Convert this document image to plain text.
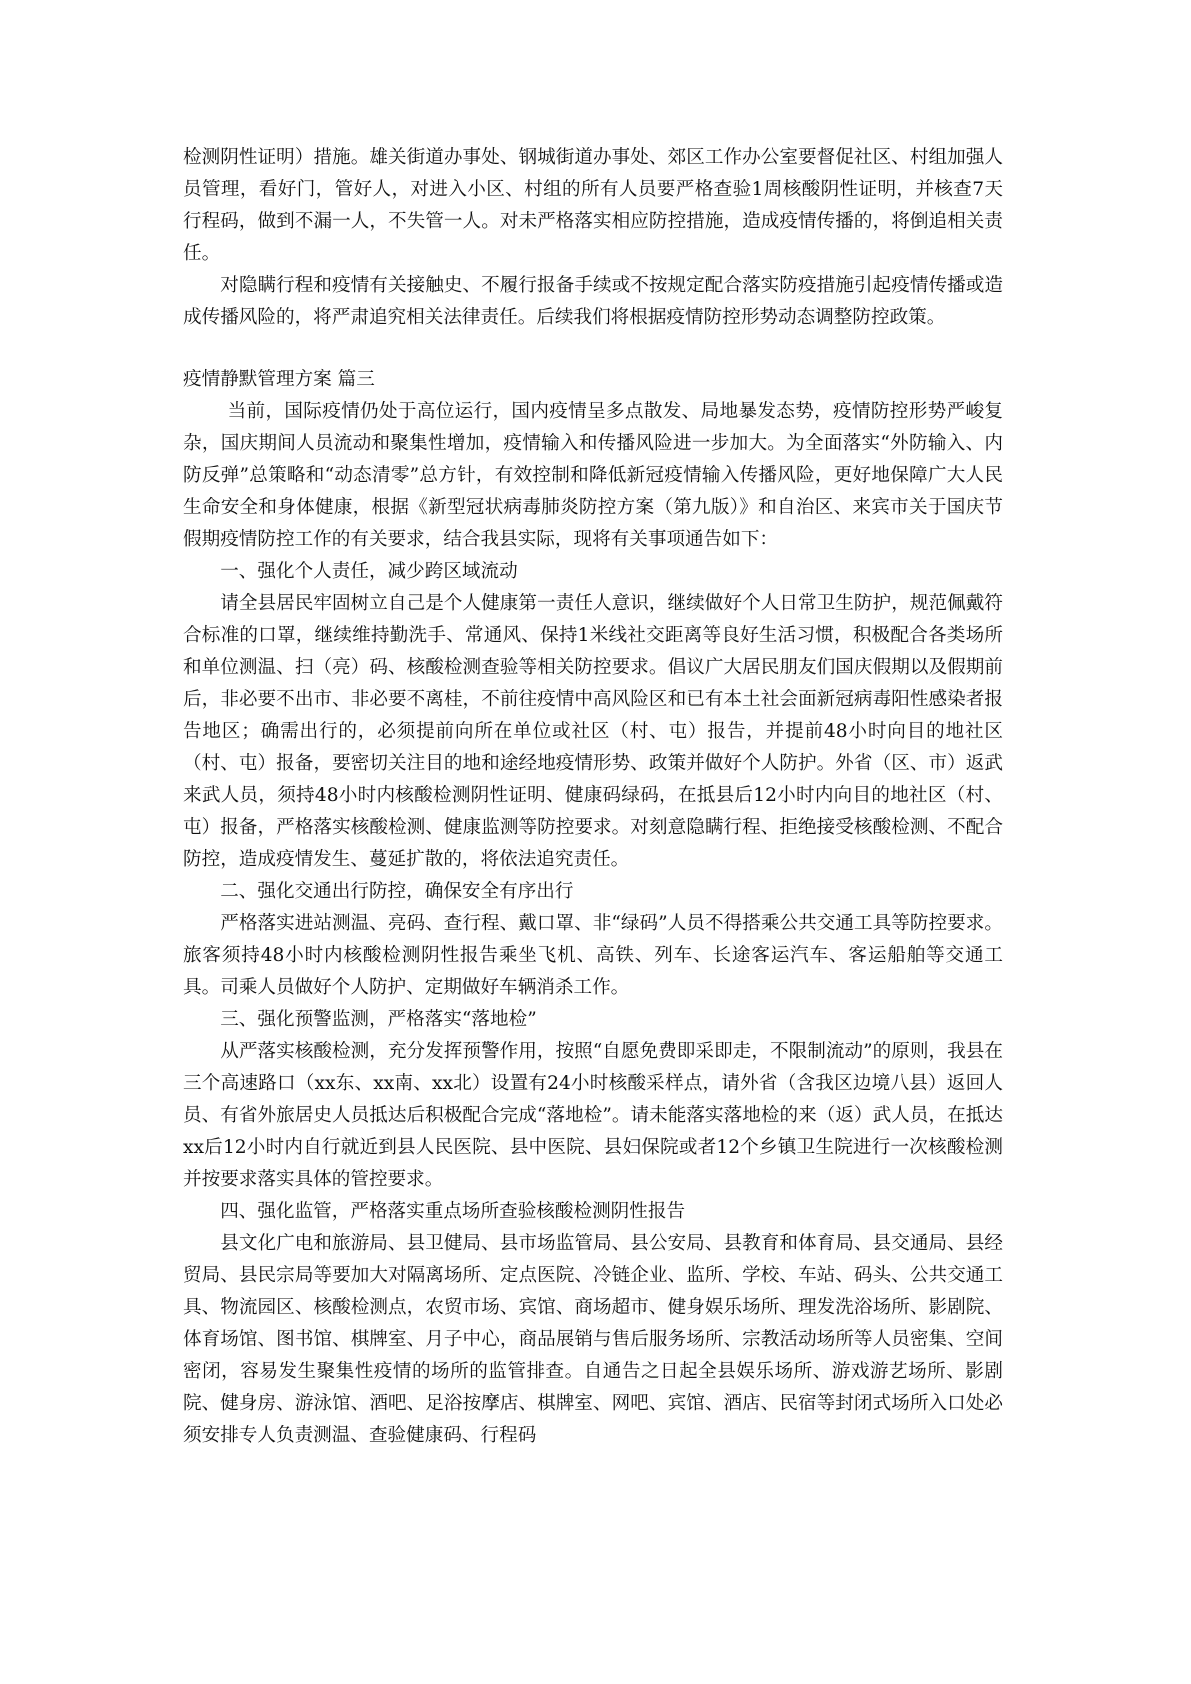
检测阴性证明）措施。雄关街道办事处、钢城街道办事处、郊区工作办公室要督促社区、村组加强人员管理，看好门，管好人，对进入小区、村组的所有人员要严格查验1周核酸阴性证明，并核查7天行程码，做到不漏一人，不失管一人。对未严格落实相应防控措施，造成疫情传播的，将倒追相关责任。

对隐瞒行程和疫情有关接触史、不履行报备手续或不按规定配合落实防疫措施引起疫情传播或造成传播风险的，将严肃追究相关法律责任。后续我们将根据疫情防控形势动态调整防控政策。

疫情静默管理方案 篇三

当前，国际疫情仍处于高位运行，国内疫情呈多点散发、局地暴发态势，疫情防控形势严峻复杂，国庆期间人员流动和聚集性增加，疫情输入和传播风险进一步加大。为全面落实“外防输入、内防反弹”总策略和“动态清零”总方针，有效控制和降低新冠疫情输入传播风险，更好地保障广大人民生命安全和身体健康，根据《新型冠状病毒肺炎防控方案（第九版）》和自治区、来宾市关于国庆节假期疫情防控工作的有关要求，结合我县实际，现将有关事项通告如下：

一、强化个人责任，减少跨区域流动

请全县居民牢固树立自己是个人健康第一责任人意识，继续做好个人日常卫生防护，规范佩戴符合标准的口罩，继续维持勤洗手、常通风、保持1米线社交距离等良好生活习惯，积极配合各类场所和单位测温、扫（亮）码、核酸检测查验等相关防控要求。倡议广大居民朋友们国庆假期以及假期前后，非必要不出市、非必要不离桂，不前往疫情中高风险区和已有本土社会面新冠病毒阳性感染者报告地区；确需出行的，必须提前向所在单位或社区（村、屯）报告，并提前48小时向目的地社区（村、屯）报备，要密切关注目的地和途经地疫情形势、政策并做好个人防护。外省（区、市）返武来武人员，须持48小时内核酸检测阴性证明、健康码绿码，在抵县后12小时内向目的地社区（村、屯）报备，严格落实核酸检测、健康监测等防控要求。对刻意隐瞒行程、拒绝接受核酸检测、不配合防控，造成疫情发生、蔓延扩散的，将依法追究责任。

二、强化交通出行防控，确保安全有序出行

严格落实进站测温、亮码、查行程、戴口罩、非“绿码”人员不得搭乘公共交通工具等防控要求。旅客须持48小时内核酸检测阴性报告乘坐飞机、高铁、列车、长途客运汽车、客运船舶等交通工具。司乘人员做好个人防护、定期做好车辆消杀工作。

三、强化预警监测，严格落实“落地检”

从严落实核酸检测，充分发挥预警作用，按照“自愿免费即采即走，不限制流动”的原则，我县在三个高速路口（xx东、xx南、xx北）设置有24小时核酸采样点，请外省（含我区边境八县）返回人员、有省外旅居史人员抵达后积极配合完成“落地检”。请未能落实落地检的来（返）武人员，在抵达xx后12小时内自行就近到县人民医院、县中医院、县妇保院或者12个乡镇卫生院进行一次核酸检测并按要求落实具体的管控要求。

四、强化监管，严格落实重点场所查验核酸检测阴性报告

县文化广电和旅游局、县卫健局、县市场监管局、县公安局、县教育和体育局、县交通局、县经贸局、县民宗局等要加大对隔离场所、定点医院、冷链企业、监所、学校、车站、码头、公共交通工具、物流园区、核酸检测点，农贸市场、宾馆、商场超市、健身娱乐场所、理发洗浴场所、影剧院、体育场馆、图书馆、棋牌室、月子中心，商品展销与售后服务场所、宗教活动场所等人员密集、空间密闭，容易发生聚集性疫情的场所的监管排查。自通告之日起全县娱乐场所、游戏游艺场所、影剧院、健身房、游泳馆、酒吧、足浴按摩店、棋牌室、网吧、宾馆、酒店、民宿等封闭式场所入口处必须安排专人负责测温、查验健康码、行程码
